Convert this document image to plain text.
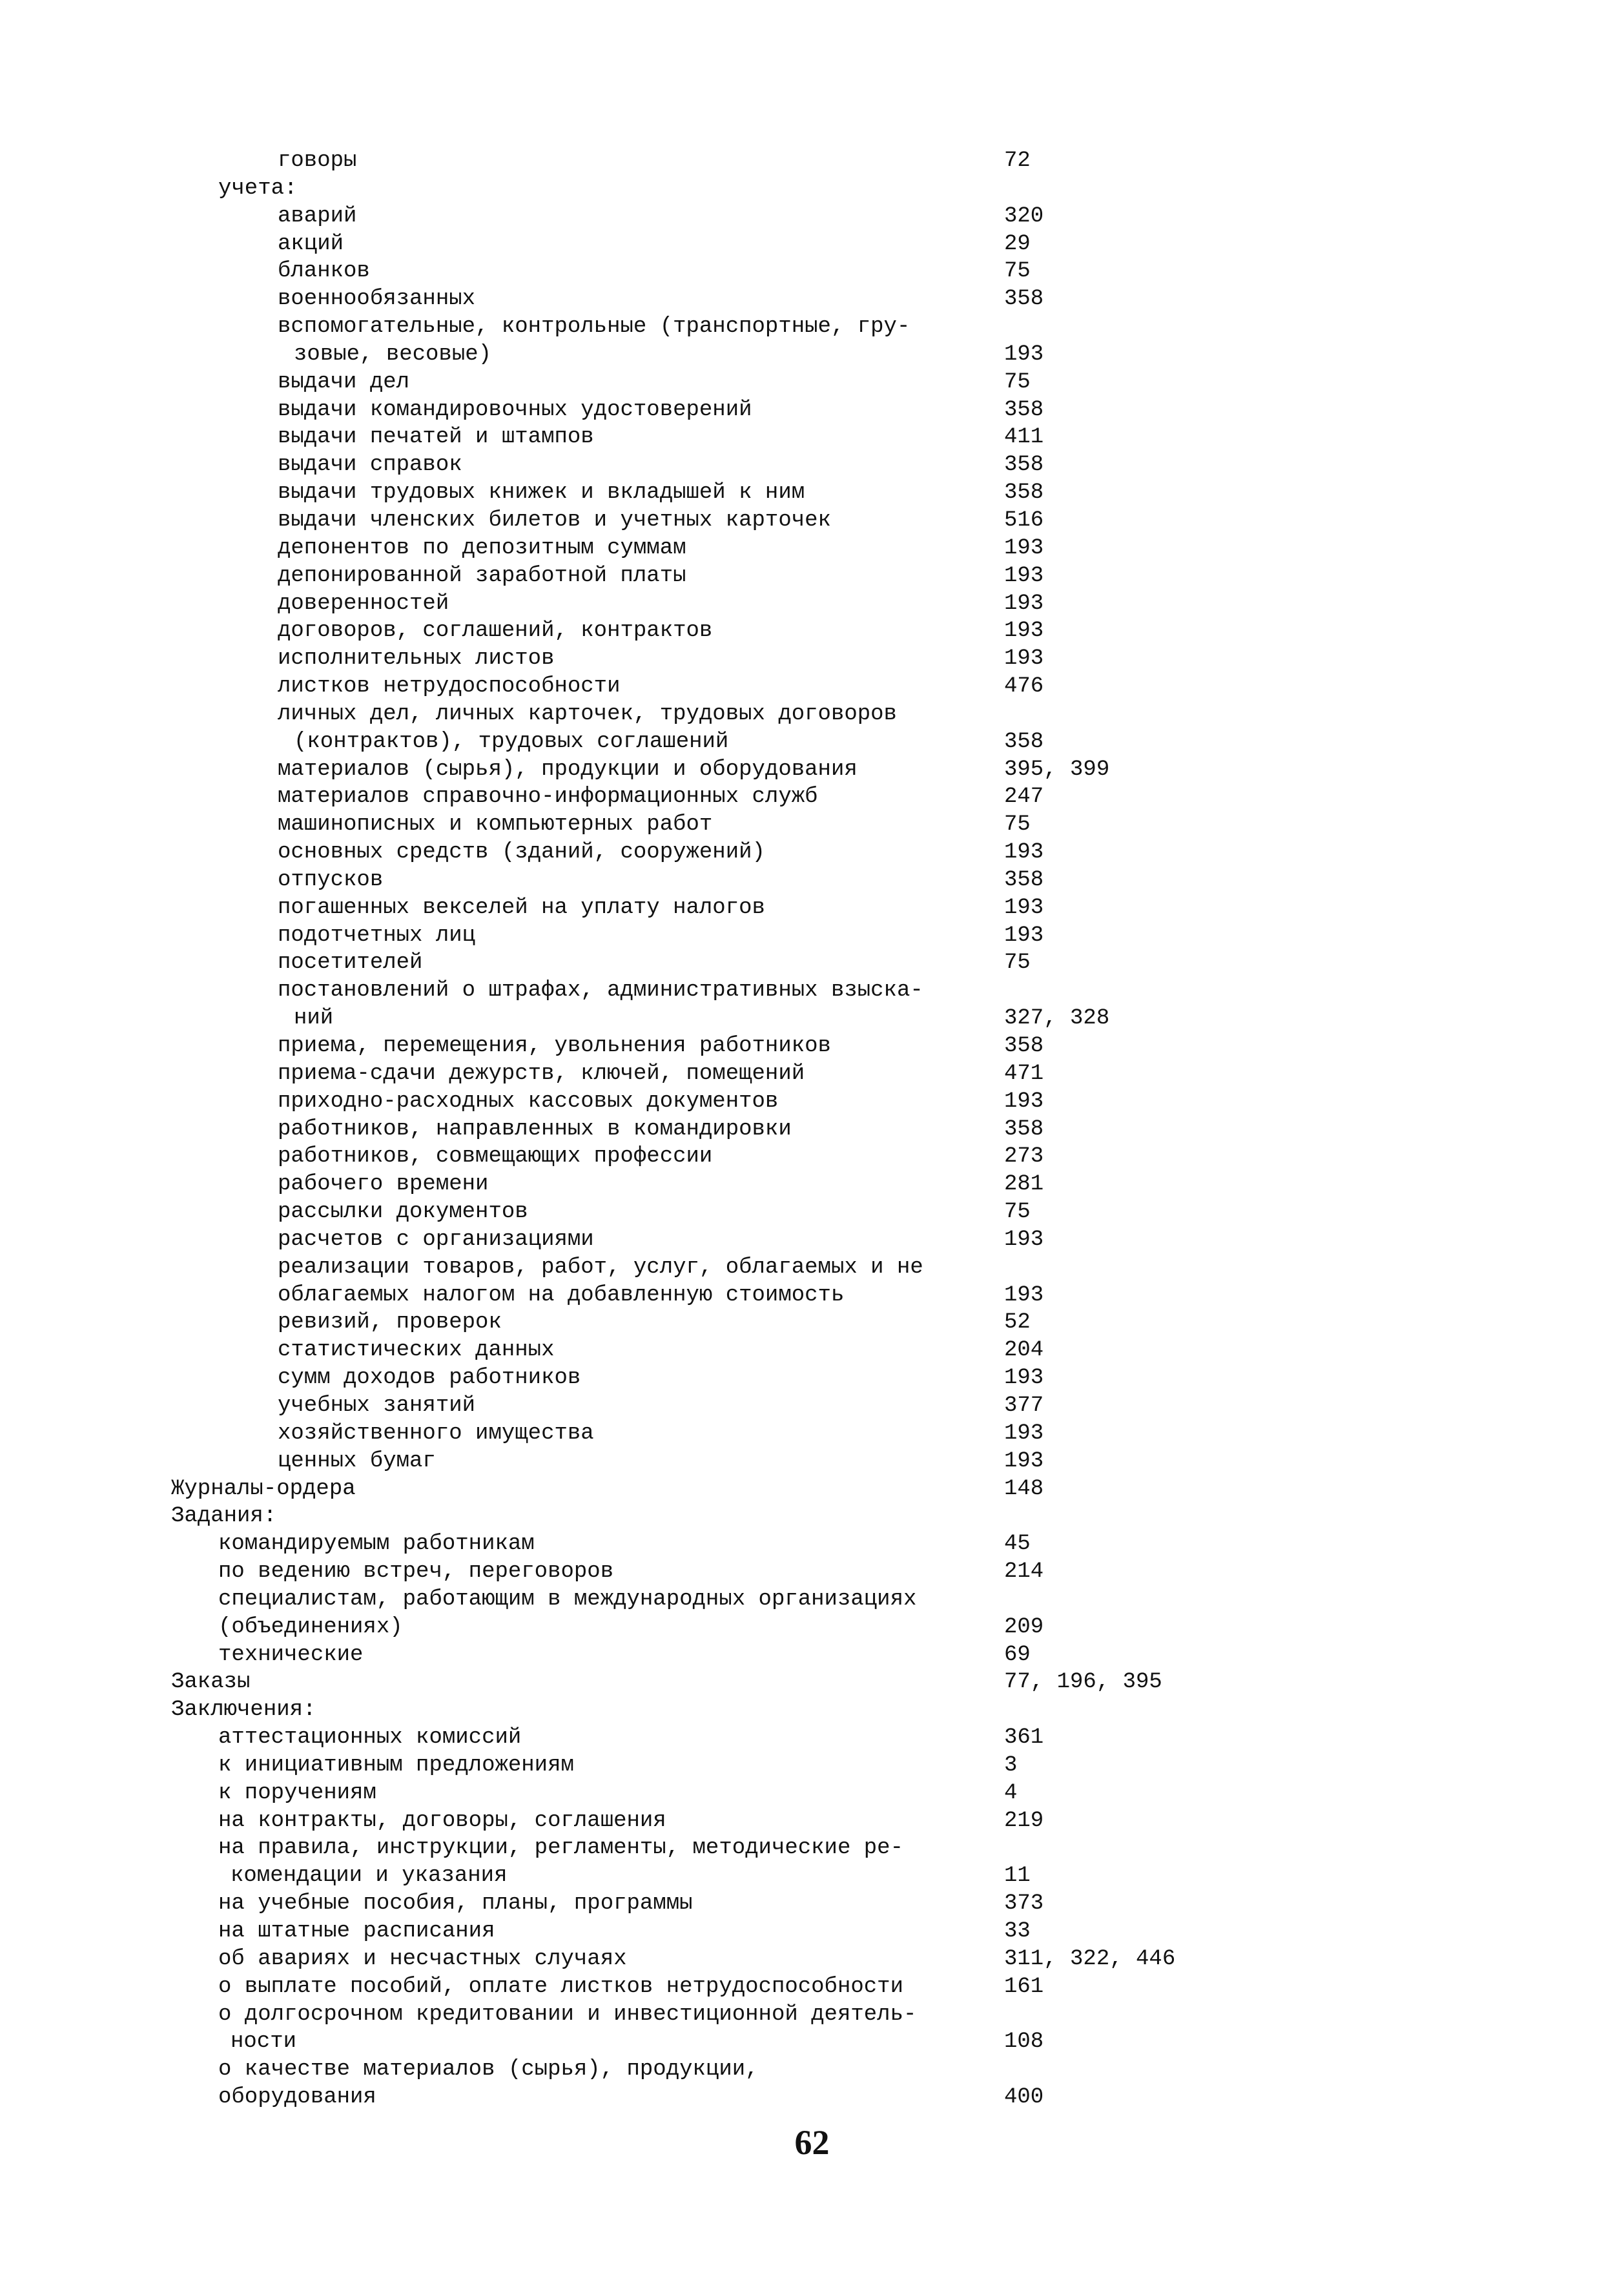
говоры	72
учета:
аварий	320
акций	29
бланков	75
военнообязанных	358
вспомогательные, контрольные (транспортные, гру-
зовые, весовые)	193
выдачи дел	75
выдачи командировочных удостоверений	358
выдачи печатей и штампов	411
выдачи справок	358
выдачи трудовых книжек и вкладышей к ним	358
выдачи членских билетов и учетных карточек	516
депонентов по депозитным суммам	193
депонированной заработной платы	193
доверенностей	193
договоров, соглашений, контрактов	193
исполнительных листов	193
листков нетрудоспособности	476
личных дел, личных карточек, трудовых договоров
(контрактов), трудовых соглашений	358
материалов (сырья), продукции и оборудования	395, 399
материалов справочно-информационных служб	247
машинописных и компьютерных работ	75
основных средств (зданий, сооружений)	193
отпусков	358
погашенных векселей на уплату налогов	193
подотчетных лиц	193
посетителей	75
постановлений о штрафах, административных взыска-
ний	327, 328
приема, перемещения, увольнения работников	358
приема-сдачи дежурств, ключей, помещений	471
приходно-расходных кассовых документов	193
работников, направленных в командировки	358
работников, совмещающих профессии	273
рабочего времени	281
рассылки документов	75
расчетов с организациями	193
реализации товаров, работ, услуг, облагаемых и не
облагаемых налогом на добавленную стоимость	193
ревизий, проверок	52
статистических данных	204
сумм доходов работников	193
учебных занятий	377
хозяйственного имущества	193
ценных бумаг	193
Журналы-ордера	148
Задания:
командируемым работникам	45
по ведению встреч, переговоров	214
специалистам, работающим в международных организациях
(объединениях)	209
технические	69
Заказы	77, 196, 395
Заключения:
аттестационных комиссий	361
к инициативным предложениям	3
к поручениям	4
на контракты, договоры, соглашения	219
на правила, инструкции, регламенты, методические ре-
комендации и указания	11
на учебные пособия, планы, программы	373
на штатные расписания	33
об авариях и несчастных случаях	311, 322, 446
о выплате пособий, оплате листков нетрудоспособности	161
о долгосрочном кредитовании и инвестиционной деятель-
ности	108
о качестве материалов (сырья), продукции,
оборудования	400
62
